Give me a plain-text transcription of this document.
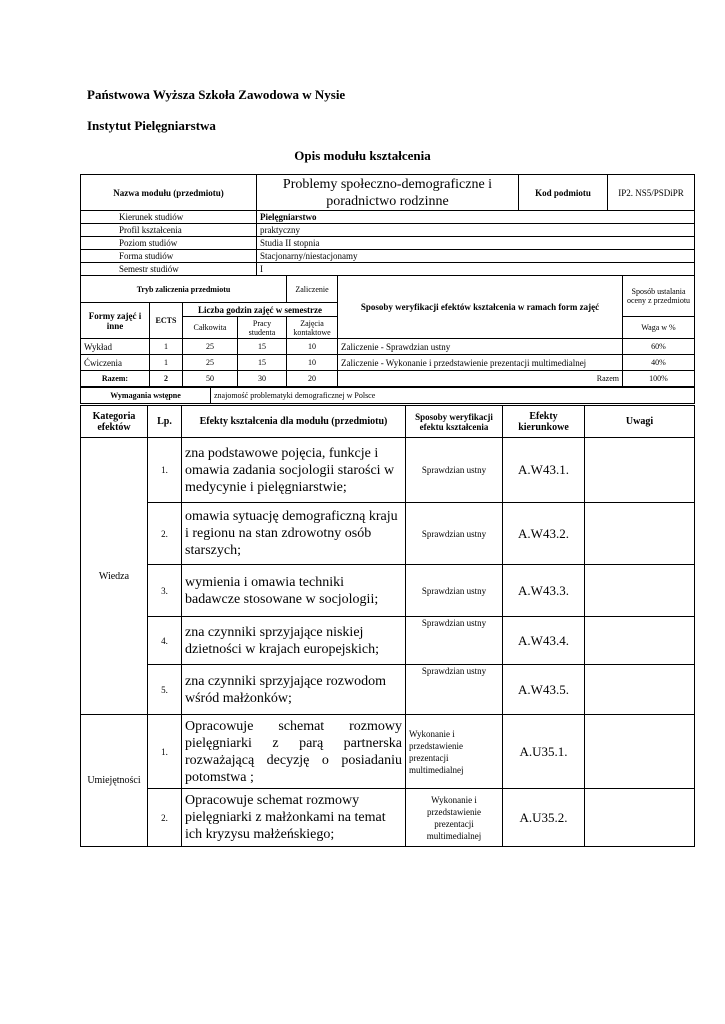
Państwowa Wyższa Szkoła Zawodowa w Nysie
Instytut Pielęgniarstwa
Opis modułu kształcenia
Nazwa modułu (przedmiotu)	Problemy społeczno-demograficzne i poradnictwo rodzinne	Kod podmiotu	IP2. NS5/PSDiPR
Kierunek studiów	Pielęgniarstwo
Profil kształcenia	praktyczny
Poziom studiów	Studia II stopnia
Forma studiów	Stacjonarny/niestacjonamy
Semestr studiów	I
Tryb zaliczenia przedmiotu				Zaliczenie	Sposoby weryfikacji efektów kształcenia w ramach form zajęć	Sposób ustalania oceny z przedmiotu
Formy zajęć i inne	ECTS	Liczba godzin zajęć w semestrze				
		Całkowita	Pracy studenta	Zajęcia kontaktowe		Waga w %
Wykład	1	25	15	10	Zaliczenie - Sprawdzian ustny	60%
Ćwiczenia	1	25	15	10	Zaliczenie - Wykonanie i przedstawienie prezentacji multimedialnej	40%
Razem:	2	50	30	20	Razem	100%
Wymagania wstępne	znajomość problematyki demograficznej w Polsce
Kategoria efektów	Lp.	Efekty kształcenia dla modułu (przedmiotu)	Sposoby weryfikacji efektu kształcenia	Efekty kierunkowe	Uwagi
Wiedza	1.	zna podstawowe pojęcia, funkcje i omawia zadania socjologii starości w medycynie i pielęgniarstwie;	Sprawdzian ustny	A.W43.1.	
	2.	omawia sytuację demograficzną kraju i regionu na stan zdrowotny osób starszych;	Sprawdzian ustny	A.W43.2.	
	3.	wymienia i omawia techniki badawcze stosowane w socjologii;	Sprawdzian ustny	A.W43.3.	
	4.	zna czynniki sprzyjające niskiej dzietności w krajach europejskich;	Sprawdzian ustny	A.W43.4.	
	5.	zna czynniki sprzyjające rozwodom wśród małżonków;	Sprawdzian ustny	A.W43.5.	
Umiejętności	1.	Opracowuje schemat rozmowy pielęgniarki z parą partnerska rozważającą decyzję o posiadaniu potomstwa ;	Wykonanie i przedstawienie prezentacji multimedialnej	A.U35.1.	
	2.	Opracowuje schemat rozmowy pielęgniarki z małżonkami na temat ich kryzysu małżeńskiego;	Wykonanie i przedstawienie prezentacji multimedialnej	A.U35.2.	
